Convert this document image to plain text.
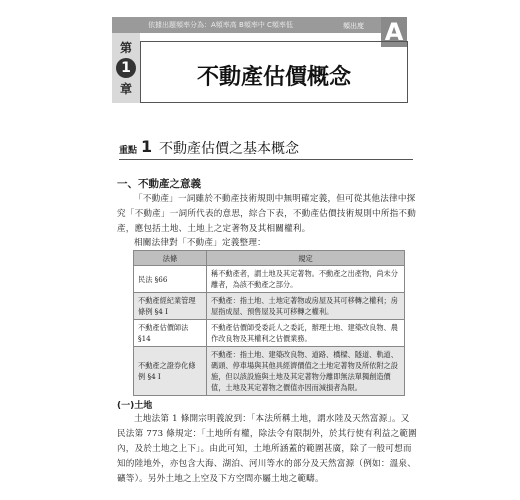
依據出題頻率分為：A頻率高 B頻率中 C頻率低	頻出度 A
第
1
章	不動產估價概念
重點 1 不動產估價之基本概念
一、不動產之意義
「不動產」一詞雖於不動產技術規則中無明確定義，但可從其他法律中探究「不動產」一詞所代表的意思，綜合下表，不動產估價技術規則中所指不動產，應包括土地、土地上之定著物及其相關權利。
相關法律對「不動產」定義整理：
法條	規定
民法 §66	稱不動產者，謂土地及其定著物。不動產之出產物，尚未分離者，為該不動產之部分。
不動產經紀業管理條例 §4 Ⅰ	不動產：指土地、土地定著物或房屋及其可移轉之權利；房屋指成屋、預售屋及其可移轉之權利。
不動產估價師法 §14	不動產估價師受委託人之委託，辦理土地、建築改良物、農作改良物及其權利之估價業務。
不動產之證券化條例 §4 Ⅰ	不動產：指土地、建築改良物、道路、橋樑、隧道、軌道、碼頭、停車場與其他具經濟價值之土地定著物及所依附之設施，但以該設施與土地及其定著物分離即無法單獨創造價值，土地及其定著物之價值亦因而減損者為限。
(一)土地
土地法第 1 條開宗明義說到：「本法所稱土地，謂水陸及天然富源」。又民法第 773 條規定：「土地所有權，除法令有限制外，於其行使有利益之範圍內，及於土地之上下」。由此可知，土地所涵蓋的範圍甚廣，除了一般可想而知的陸地外，亦包含大海、湖泊、河川等水的部分及天然富源（例如：溫泉、礦等）。另外土地之上空及下方空間亦屬土地之範疇。
